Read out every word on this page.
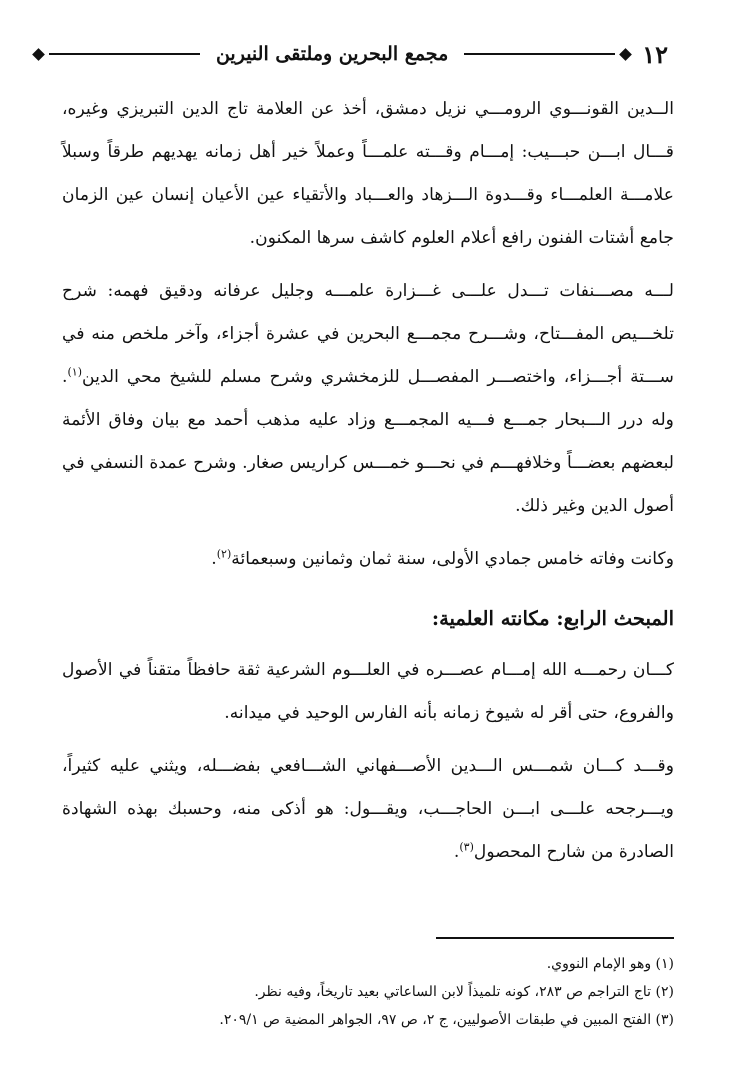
١٢
مجمع البحرين وملتقى النيرين

الــدين القونـــوي الرومـــي نزيل دمشق، أخذ عن العلامة تاج الدين التبريزي وغيره، قـــال ابـــن حبـــيب: إمـــام وقـــته علمـــاً وعملاً خير أهل زمانه يهديهم طرقاً وسبلاً علامـــة العلمـــاء وقـــدوة الـــزهاد والعـــباد والأتقياء عين الأعيان إنسان عين الزمان جامع أشتات الفنون رافع أعلام العلوم كاشف سرها المكنون.

لـــه مصـــنفات تـــدل علـــى غـــزارة علمـــه وجليل عرفانه ودقيق فهمه: شرح تلخـــيص المفـــتاح، وشـــرح مجمـــع البحرين في عشرة أجزاء، وآخر ملخص منه في ســـتة أجـــزاء، واختصـــر المفصـــل للزمخشري وشرح مسلم للشيخ محي الدين$^{(١)}$. وله درر الـــبحار جمـــع فـــيه المجمـــع وزاد عليه مذهب أحمد مع بيان وفاق الأئمة لبعضهم بعضـــاً وخلافهـــم في نحـــو خمـــس كراريس صغار. وشرح عمدة النسفي في أصول الدين وغير ذلك.

وكانت وفاته خامس جمادي الأولى، سنة ثمان وثمانين وسبعمائة$^{(٢)}$.

المبحث الرابع: مكانته العلمية:

كـــان رحمـــه الله إمـــام عصـــره في العلـــوم الشرعية ثقة حافظاً متقناً في الأصول والفروع، حتى أقر له شيوخ زمانه بأنه الفارس الوحيد في ميدانه.

وقـــد كـــان شمـــس الـــدين الأصـــفهاني الشـــافعي بفضـــله، ويثني عليه كثيراً، ويـــرجحه علـــى ابـــن الحاجـــب، ويقـــول: هو أذكى منه، وحسبك بهذه الشهادة الصادرة من شارح المحصول$^{(٣)}$.

(١) وهو الإمام النووي.

(٢) تاج التراجم ص ٢٨٣، كونه تلميذاً لابن الساعاتي بعيد تاريخاً، وفيه نظر.

(٣) الفتح المبين في طبقات الأصوليين، ج ٢، ص ٩٧، الجواهر المضية ص ٢٠٩/١.
